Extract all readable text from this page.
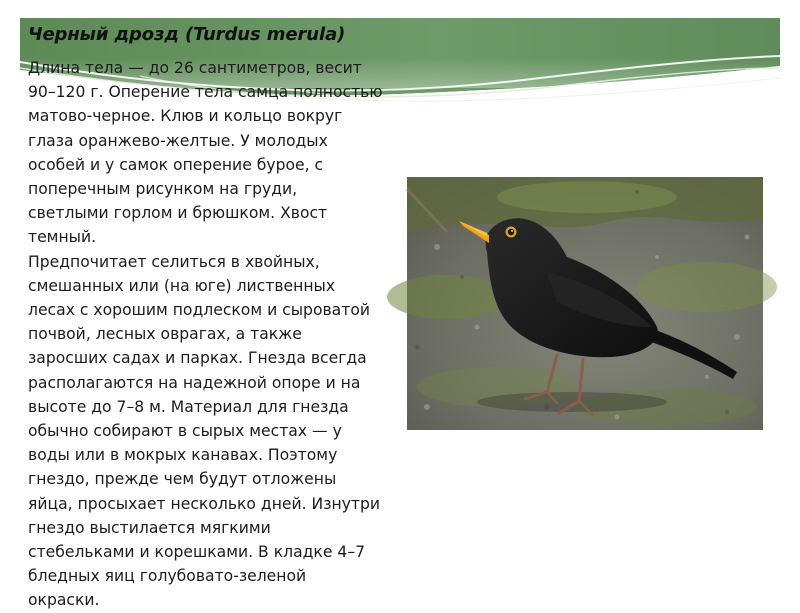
Черный дрозд (Turdus merula)

Длина тела — до 26 сантиметров, весит
90–120 г. Оперение тела самца полностью
матово-черное. Клюв и кольцо вокруг
глаза оранжево-желтые. У молодых
особей и у самок оперение бурое, с
поперечным рисунком на груди,
светлыми горлом и брюшком. Хвост
темный.

Предпочитает селиться в хвойных,
смешанных или (на юге) лиственных
лесах с хорошим подлеском и сыроватой
почвой, лесных оврагах, а также
заросших садах и парках. Гнезда всегда
располагаются на надежной опоре и на
высоте до 7–8 м. Материал для гнезда
обычно собирают в сырых местах — у
воды или в мокрых канавах. Поэтому
гнездо, прежде чем будут отложены
яйца, просыхает несколько дней. Изнутри
гнездо выстилается мягкими
стебельками и корешками. В кладке 4–7
бледных яиц голубовато-зеленой
окраски.
